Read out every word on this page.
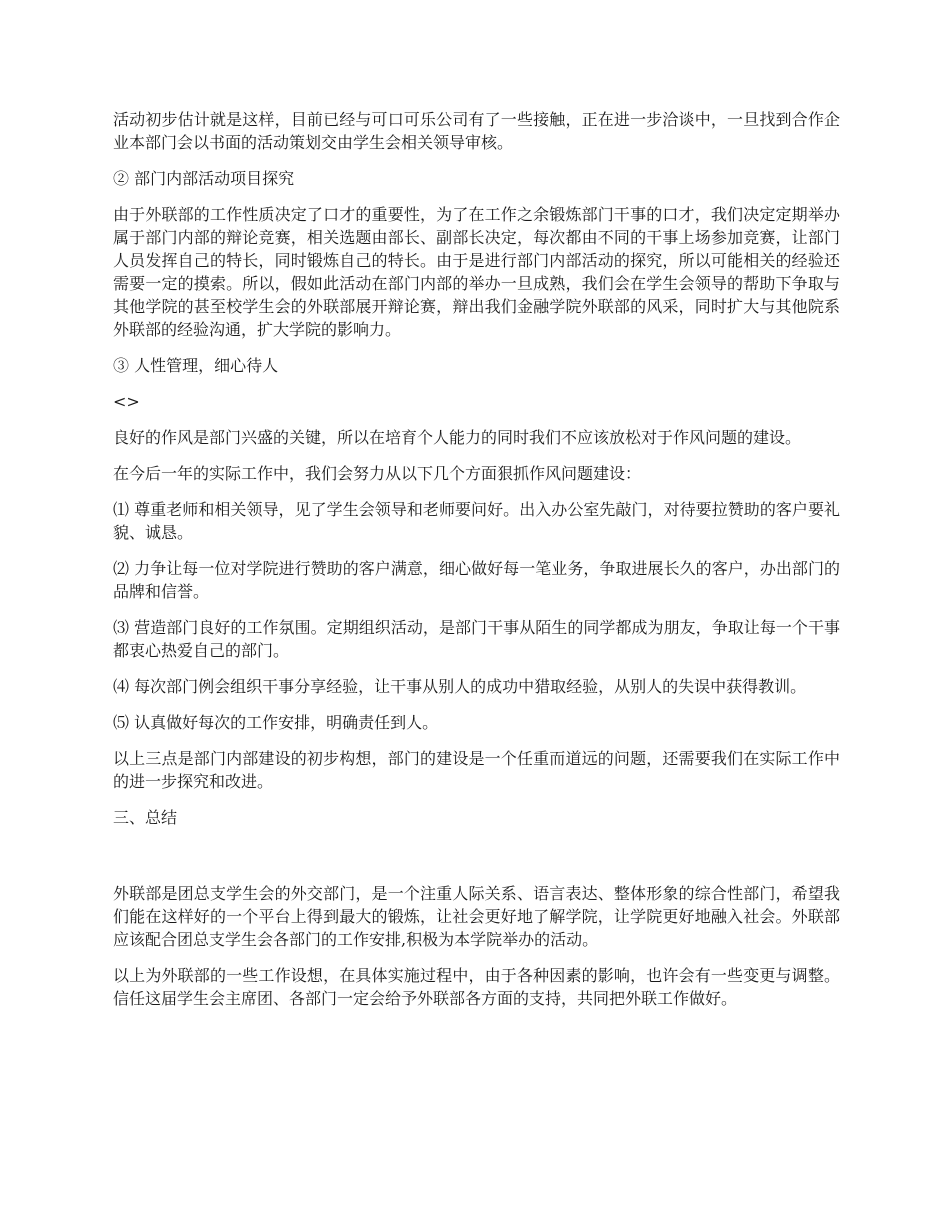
活动初步估计就是这样，目前已经与可口可乐公司有了一些接触，正在进一步洽谈中，一旦找到合作企业本部门会以书面的活动策划交由学生会相关领导审核。

② 部门内部活动项目探究

由于外联部的工作性质决定了口才的重要性，为了在工作之余锻炼部门干事的口才，我们决定定期举办属于部门内部的辩论竞赛，相关选题由部长、副部长决定，每次都由不同的干事上场参加竞赛，让部门人员发挥自己的特长，同时锻炼自己的特长。由于是进行部门内部活动的探究，所以可能相关的经验还需要一定的摸索。所以，假如此活动在部门内部的举办一旦成熟，我们会在学生会领导的帮助下争取与其他学院的甚至校学生会的外联部展开辩论赛，辩出我们金融学院外联部的风采，同时扩大与其他院系外联部的经验沟通，扩大学院的影响力。

③ 人性管理，细心待人

<>

良好的作风是部门兴盛的关键，所以在培育个人能力的同时我们不应该放松对于作风问题的建设。

在今后一年的实际工作中，我们会努力从以下几个方面狠抓作风问题建设：

⑴ 尊重老师和相关领导，见了学生会领导和老师要问好。出入办公室先敲门，对待要拉赞助的客户要礼貌、诚恳。

⑵ 力争让每一位对学院进行赞助的客户满意，细心做好每一笔业务，争取进展长久的客户，办出部门的品牌和信誉。

⑶ 营造部门良好的工作氛围。定期组织活动，是部门干事从陌生的同学都成为朋友，争取让每一个干事都衷心热爱自己的部门。

⑷ 每次部门例会组织干事分享经验，让干事从别人的成功中猎取经验，从别人的失误中获得教训。

⑸ 认真做好每次的工作安排，明确责任到人。

以上三点是部门内部建设的初步构想，部门的建设是一个任重而道远的问题，还需要我们在实际工作中的进一步探究和改进。

三、总结

外联部是团总支学生会的外交部门，是一个注重人际关系、语言表达、整体形象的综合性部门，希望我们能在这样好的一个平台上得到最大的锻炼，让社会更好地了解学院，让学院更好地融入社会。外联部应该配合团总支学生会各部门的工作安排,积极为本学院举办的活动。

以上为外联部的一些工作设想，在具体实施过程中，由于各种因素的影响，也许会有一些变更与调整。信任这届学生会主席团、各部门一定会给予外联部各方面的支持，共同把外联工作做好。
